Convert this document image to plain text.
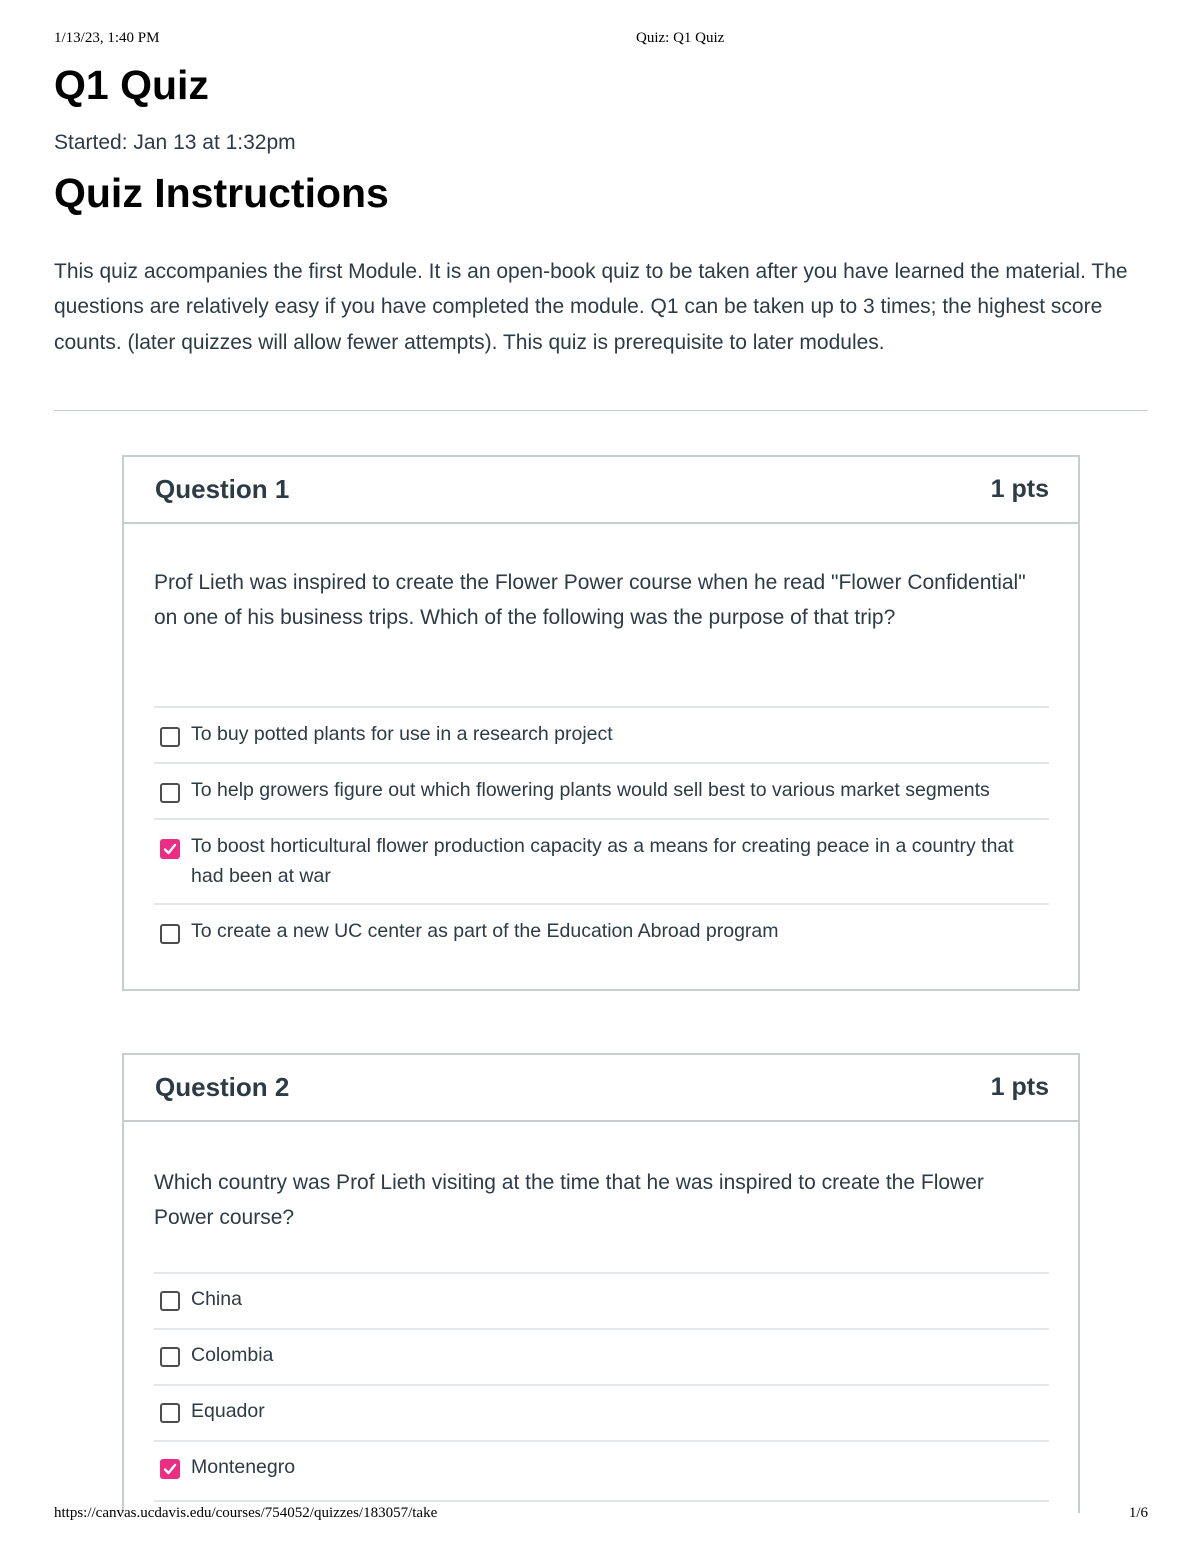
1/13/23, 1:40 PM	Quiz: Q1 Quiz
Q1 Quiz
Started: Jan 13 at 1:32pm
Quiz Instructions

This quiz accompanies the first Module. It is an open-book quiz to be taken after you have learned the material. The questions are relatively easy if you have completed the module. Q1 can be taken up to 3 times; the highest score counts. (later quizzes will allow fewer attempts). This quiz is prerequisite to later modules.

Question 1	1 pts

Prof Lieth was inspired to create the Flower Power course when he read "Flower Confidential" on one of his business trips. Which of the following was the purpose of that trip?

To buy potted plants for use in a research project
To help growers figure out which flowering plants would sell best to various market segments
To boost horticultural flower production capacity as a means for creating peace in a country that had been at war
To create a new UC center as part of the Education Abroad program
Question 2	1 pts

Which country was Prof Lieth visiting at the time that he was inspired to create the Flower Power course?

China
Colombia
Equador
Montenegro
https://canvas.ucdavis.edu/courses/754052/quizzes/183057/take	1/6
